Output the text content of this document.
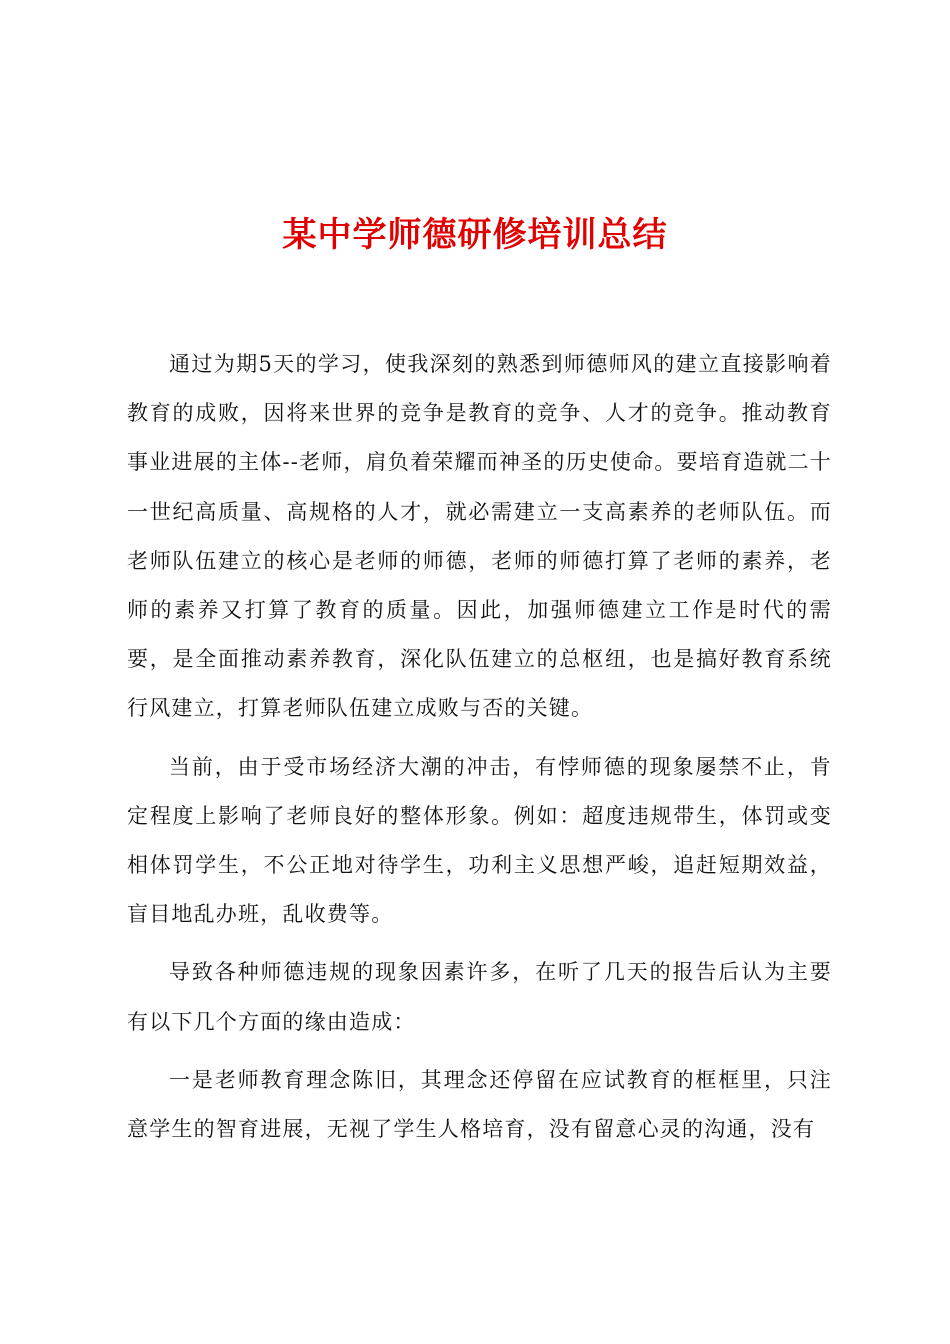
某中学师德研修培训总结

通过为期5天的学习，使我深刻的熟悉到师德师风的建立直接影响着教育的成败，因将来世界的竞争是教育的竞争、人才的竞争。推动教育事业进展的主体--老师，肩负着荣耀而神圣的历史使命。要培育造就二十一世纪高质量、高规格的人才，就必需建立一支高素养的老师队伍。而老师队伍建立的核心是老师的师德，老师的师德打算了老师的素养，老师的素养又打算了教育的质量。因此，加强师德建立工作是时代的需要，是全面推动素养教育，深化队伍建立的总枢纽，也是搞好教育系统行风建立，打算老师队伍建立成败与否的关键。

当前，由于受市场经济大潮的冲击，有悖师德的现象屡禁不止，肯定程度上影响了老师良好的整体形象。例如：超度违规带生，体罚或变相体罚学生，不公正地对待学生，功利主义思想严峻，追赶短期效益，盲目地乱办班，乱收费等。

导致各种师德违规的现象因素许多，在听了几天的报告后认为主要有以下几个方面的缘由造成：

一是老师教育理念陈旧，其理念还停留在应试教育的框框里，只注意学生的智育进展，无视了学生人格培育，没有留意心灵的沟通，没有
